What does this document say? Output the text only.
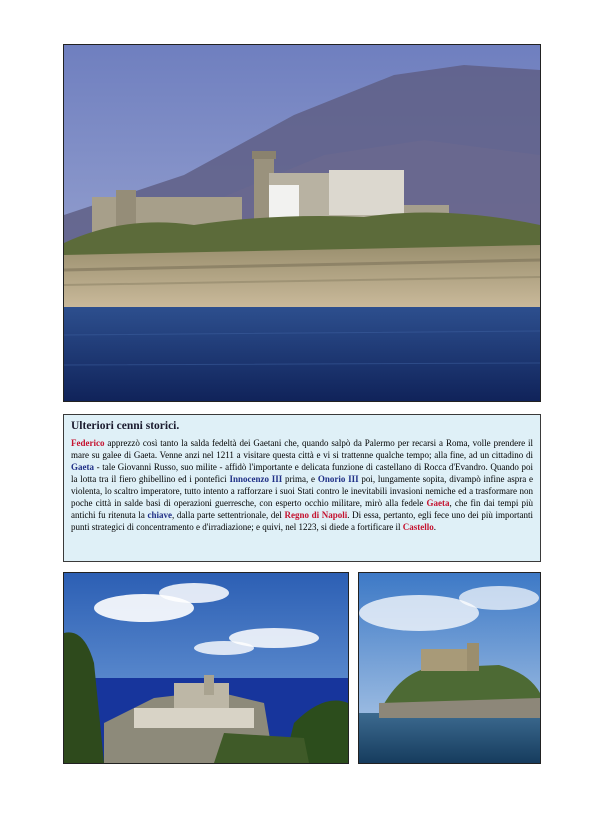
Ulteriori cenni storici.

Federico apprezzò così tanto la salda fedeltà dei Gaetani che, quando salpò da Palermo per recarsi a Roma, volle prendere il mare su galee di Gaeta. Venne anzi nel 1211 a visitare questa città e vi si trattenne qualche tempo; alla fine, ad un cittadino di Gaeta - tale Giovanni Russo, suo milite - affidò l'importante e delicata funzione di castellano di Rocca d'Evandro. Quando poi la lotta tra il fiero ghibellino ed i pontefici Innocenzo III prima, e Onorio III poi, lungamente sopita, divampò infine aspra e violenta, lo scaltro imperatore, tutto intento a rafforzare i suoi Stati contro le inevitabili invasioni nemiche ed a trasformare non poche città in salde basi di operazioni guerresche, con esperto occhio militare, mirò alla fedele Gaeta, che fin dai tempi più antichi fu ritenuta la chiave, dalla parte settentrionale, del Regno di Napoli. Di essa, pertanto, egli fece uno dei più importanti punti strategici di concentramento e d'irradiazione; e quivi, nel 1223, si diede a fortificare il Castello.
